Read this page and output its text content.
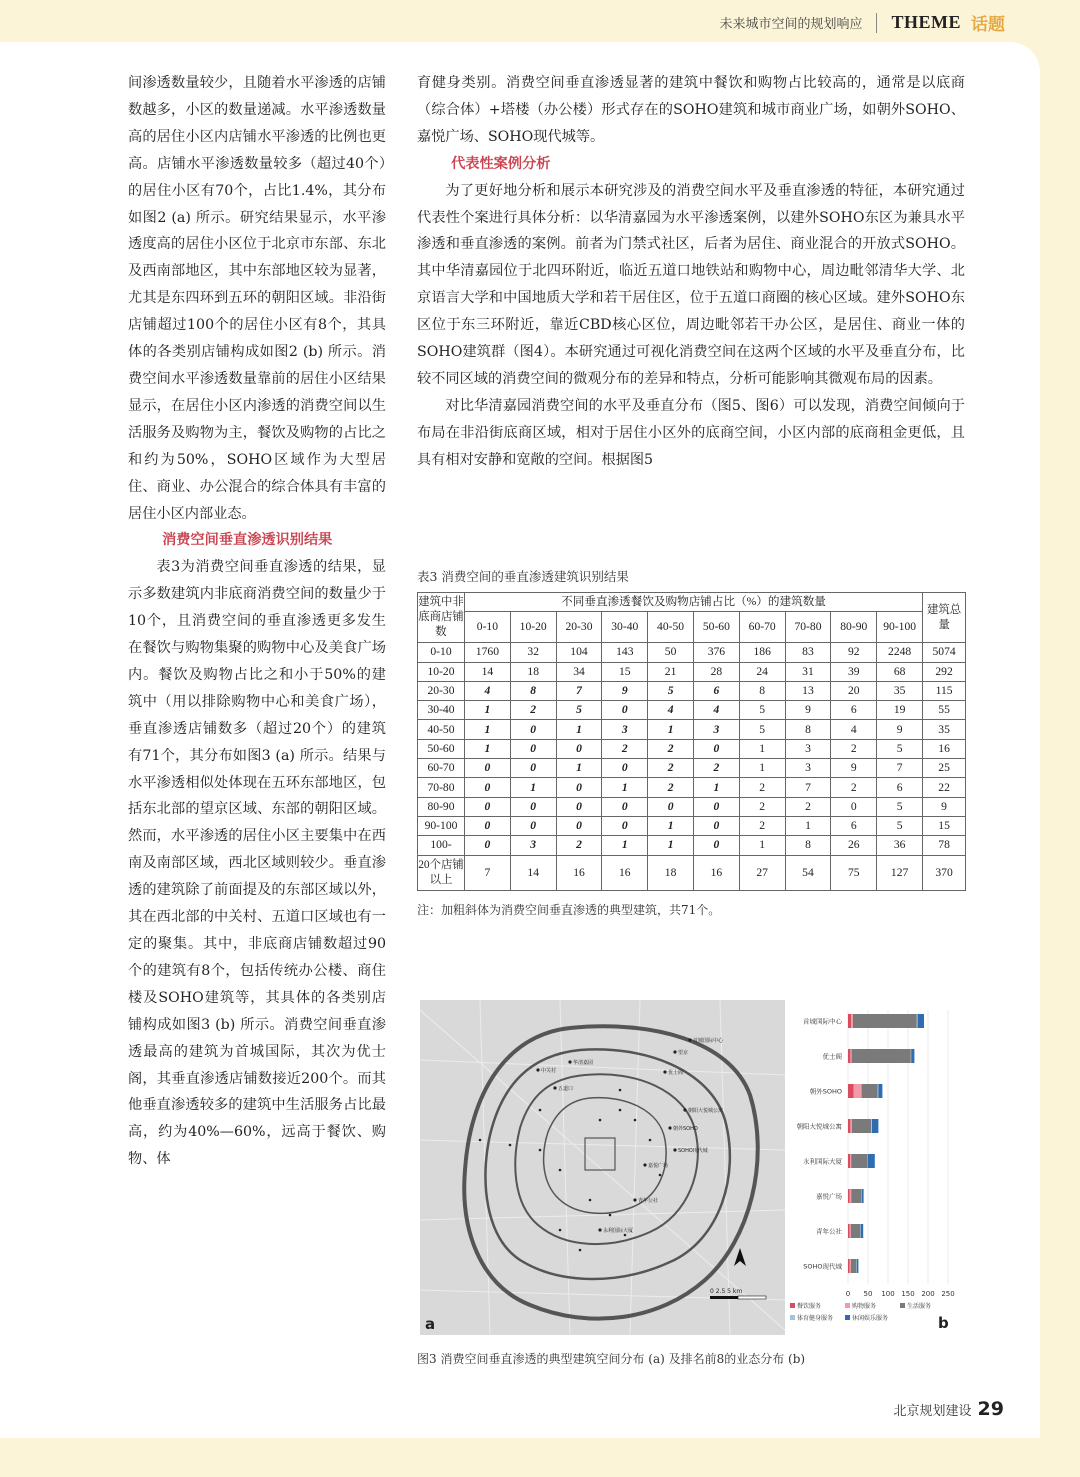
未来城市空间的规划响应 THEME 话题

间渗透数量较少，且随着水平渗透的店铺数越多，小区的数量递减。水平渗透数量高的居住小区内店铺水平渗透的比例也更高。店铺水平渗透数量较多（超过40个）的居住小区有70个，占比1.4%，其分布如图2 (a) 所示。研究结果显示，水平渗透度高的居住小区位于北京市东部、东北及西南部地区，其中东部地区较为显著，尤其是东四环到五环的朝阳区域。非沿街店铺超过100个的居住小区有8个，其具体的各类别店铺构成如图2 (b) 所示。消费空间水平渗透数量靠前的居住小区结果显示，在居住小区内渗透的消费空间以生活服务及购物为主，餐饮及购物的占比之和约为50%，SOHO区域作为大型居住、商业、办公混合的综合体具有丰富的居住小区内部业态。

消费空间垂直渗透识别结果

表3为消费空间垂直渗透的结果，显示多数建筑内非底商消费空间的数量少于10个，且消费空间的垂直渗透更多发生在餐饮与购物集聚的购物中心及美食广场内。餐饮及购物占比之和小于50%的建筑中（用以排除购物中心和美食广场），垂直渗透店铺数多（超过20个）的建筑有71个，其分布如图3 (a) 所示。结果与水平渗透相似处体现在五环东部地区，包括东北部的望京区域、东部的朝阳区域。然而，水平渗透的居住小区主要集中在西南及南部区域，西北区域则较少。垂直渗透的建筑除了前面提及的东部区域以外，其在西北部的中关村、五道口区域也有一定的聚集。其中，非底商店铺数超过90个的建筑有8个，包括传统办公楼、商住楼及SOHO建筑等，其具体的各类别店铺构成如图3 (b) 所示。消费空间垂直渗透最高的建筑为首城国际，其次为优士阁，其垂直渗透店铺数接近200个。而其他垂直渗透较多的建筑中生活服务占比最高，约为40%—60%，远高于餐饮、购物、体

育健身类别。消费空间垂直渗透显著的建筑中餐饮和购物占比较高的，通常是以底商（综合体）+塔楼（办公楼）形式存在的SOHO建筑和城市商业广场，如朝外SOHO、嘉悦广场、SOHO现代城等。

代表性案例分析

为了更好地分析和展示本研究涉及的消费空间水平及垂直渗透的特征，本研究通过代表性个案进行具体分析：以华清嘉园为水平渗透案例，以建外SOHO东区为兼具水平渗透和垂直渗透的案例。前者为门禁式社区，后者为居住、商业混合的开放式SOHO。其中华清嘉园位于北四环附近，临近五道口地铁站和购物中心，周边毗邻清华大学、北京语言大学和中国地质大学和若干居住区，位于五道口商圈的核心区域。建外SOHO东区位于东三环附近，靠近CBD核心区位，周边毗邻若干办公区，是居住、商业一体的SOHO建筑群（图4）。本研究通过可视化消费空间在这两个区域的水平及垂直分布，比较不同区域的消费空间的微观分布的差异和特点，分析可能影响其微观布局的因素。

对比华清嘉园消费空间的水平及垂直分布（图5、图6）可以发现，消费空间倾向于布局在非沿街底商区域，相对于居住小区外的底商空间，小区内部的底商租金更低，且具有相对安静和宽敞的空间。根据图5

表3 消费空间的垂直渗透建筑识别结果
建筑中非底商店铺数	不同垂直渗透餐饮及购物店铺占比（%）的建筑数量										建筑总量
	0-10	10-20	20-30	30-40	40-50	50-60	60-70	70-80	80-90	90-100	
0-10	1760	32	104	143	50	376	186	83	92	2248	5074
10-20	14	18	34	15	21	28	24	31	39	68	292
20-30	4	8	7	9	5	6	8	13	20	35	115
30-40	1	2	5	0	4	4	5	9	6	19	55
40-50	1	0	1	3	1	3	5	8	4	9	35
50-60	1	0	0	2	2	0	1	3	2	5	16
60-70	0	0	1	0	2	2	1	3	9	7	25
70-80	0	1	0	1	2	1	2	7	2	6	22
80-90	0	0	0	0	0	0	2	2	0	5	9
90-100	0	0	0	0	1	0	2	1	6	5	15
100-	0	3	2	1	1	0	1	8	26	36	78
20个店铺以上	7	14	16	16	18	16	27	54	75	127	370
注：加粗斜体为消费空间垂直渗透的典型建筑，共71个。
华清嘉园
中关村
五道口
首城国际中心
优士阁
朝外SOHO
望京
SOHO现代城
嘉悦广场
青年公社
永利国际大厦
朝阳大悦城公寓
0 2.5 5 km
a
0 50 100 150 200 250
首城国际中心
优士阁
朝外SOHO
朝阳大悦城公寓
永利国际大厦
嘉悦广场
青年公社
SOHO现代城
餐饮服务	购物服务	生活服务
体育健身服务	休闲娱乐服务	b
图3 消费空间垂直渗透的典型建筑空间分布 (a) 及排名前8的业态分布 (b)
北京规划建设 29
